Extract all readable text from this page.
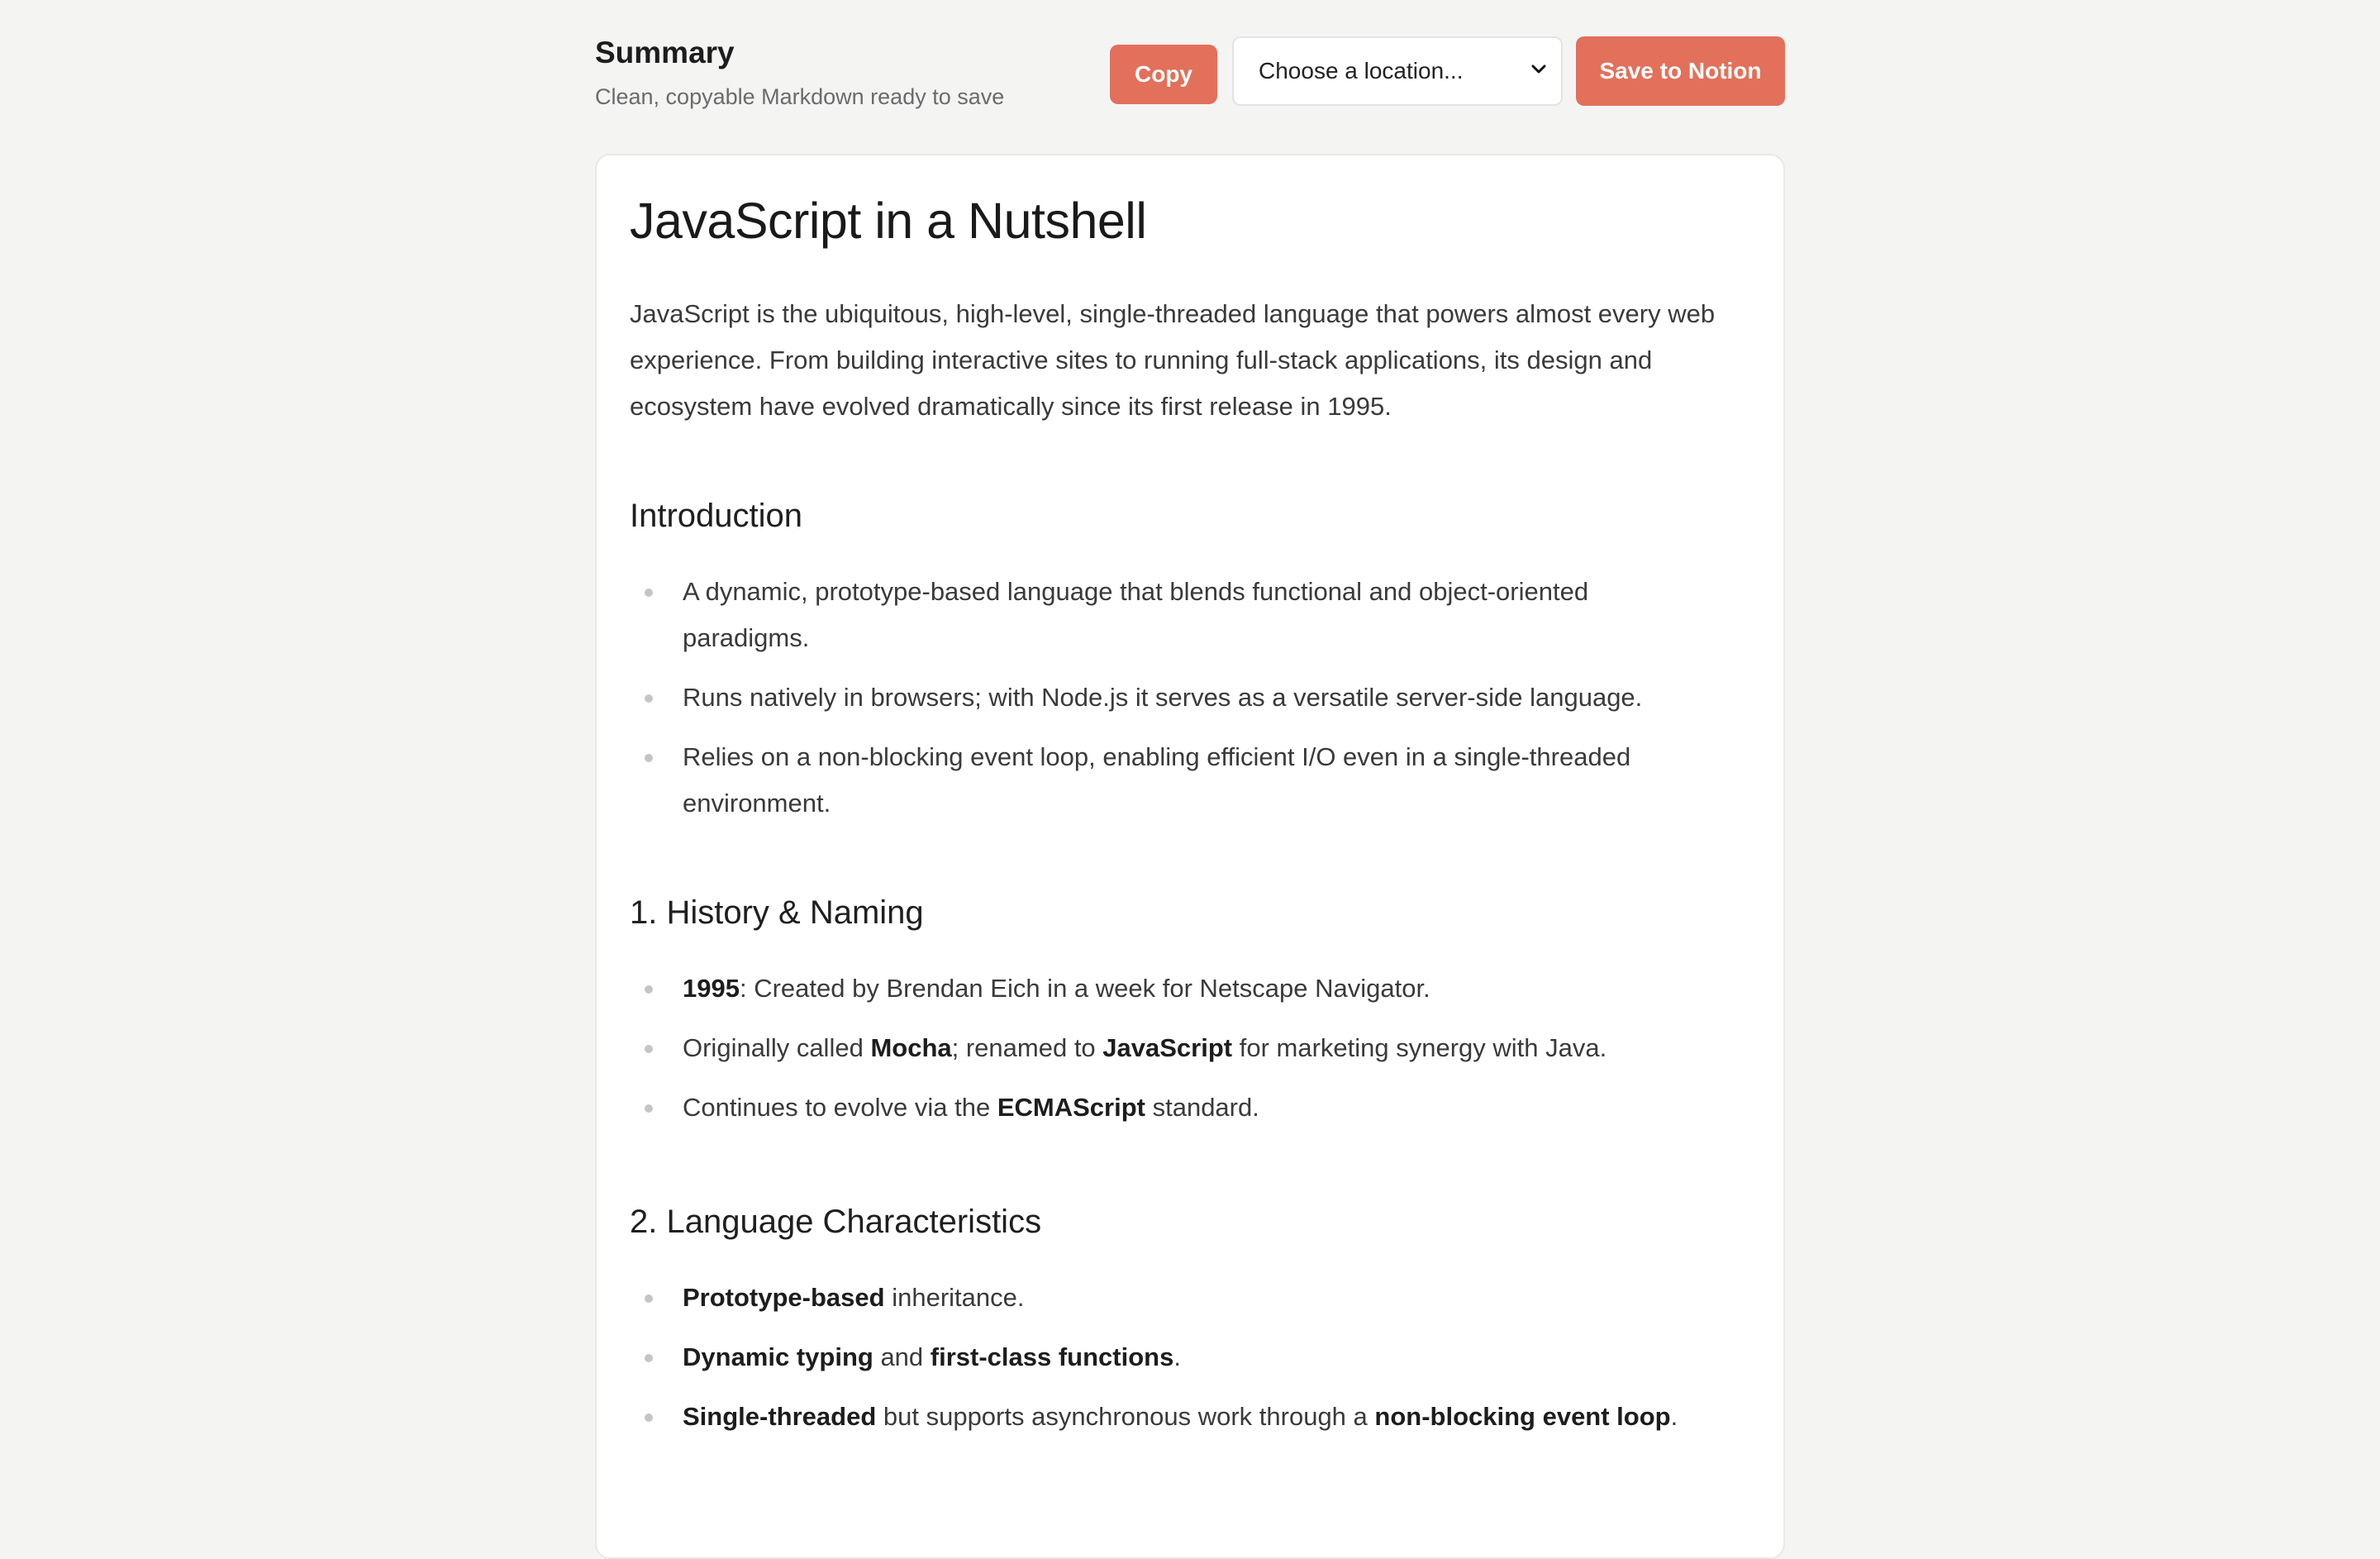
Summary
Clean, copyable Markdown ready to save
Copy	Choose a location...	Save to Notion
JavaScript in a Nutshell

JavaScript is the ubiquitous, high-level, single-threaded language that powers almost every web experience. From building interactive sites to running full-stack applications, its design and ecosystem have evolved dramatically since its first release in 1995.

Introduction
A dynamic, prototype-based language that blends functional and object-oriented paradigms.
Runs natively in browsers; with Node.js it serves as a versatile server-side language.
Relies on a non-blocking event loop, enabling efficient I/O even in a single-threaded environment.
1. History & Naming
1995: Created by Brendan Eich in a week for Netscape Navigator.
Originally called Mocha; renamed to JavaScript for marketing synergy with Java.
Continues to evolve via the ECMAScript standard.
2. Language Characteristics
Prototype-based inheritance.
Dynamic typing and first-class functions.
Single-threaded but supports asynchronous work through a non-blocking event loop.
